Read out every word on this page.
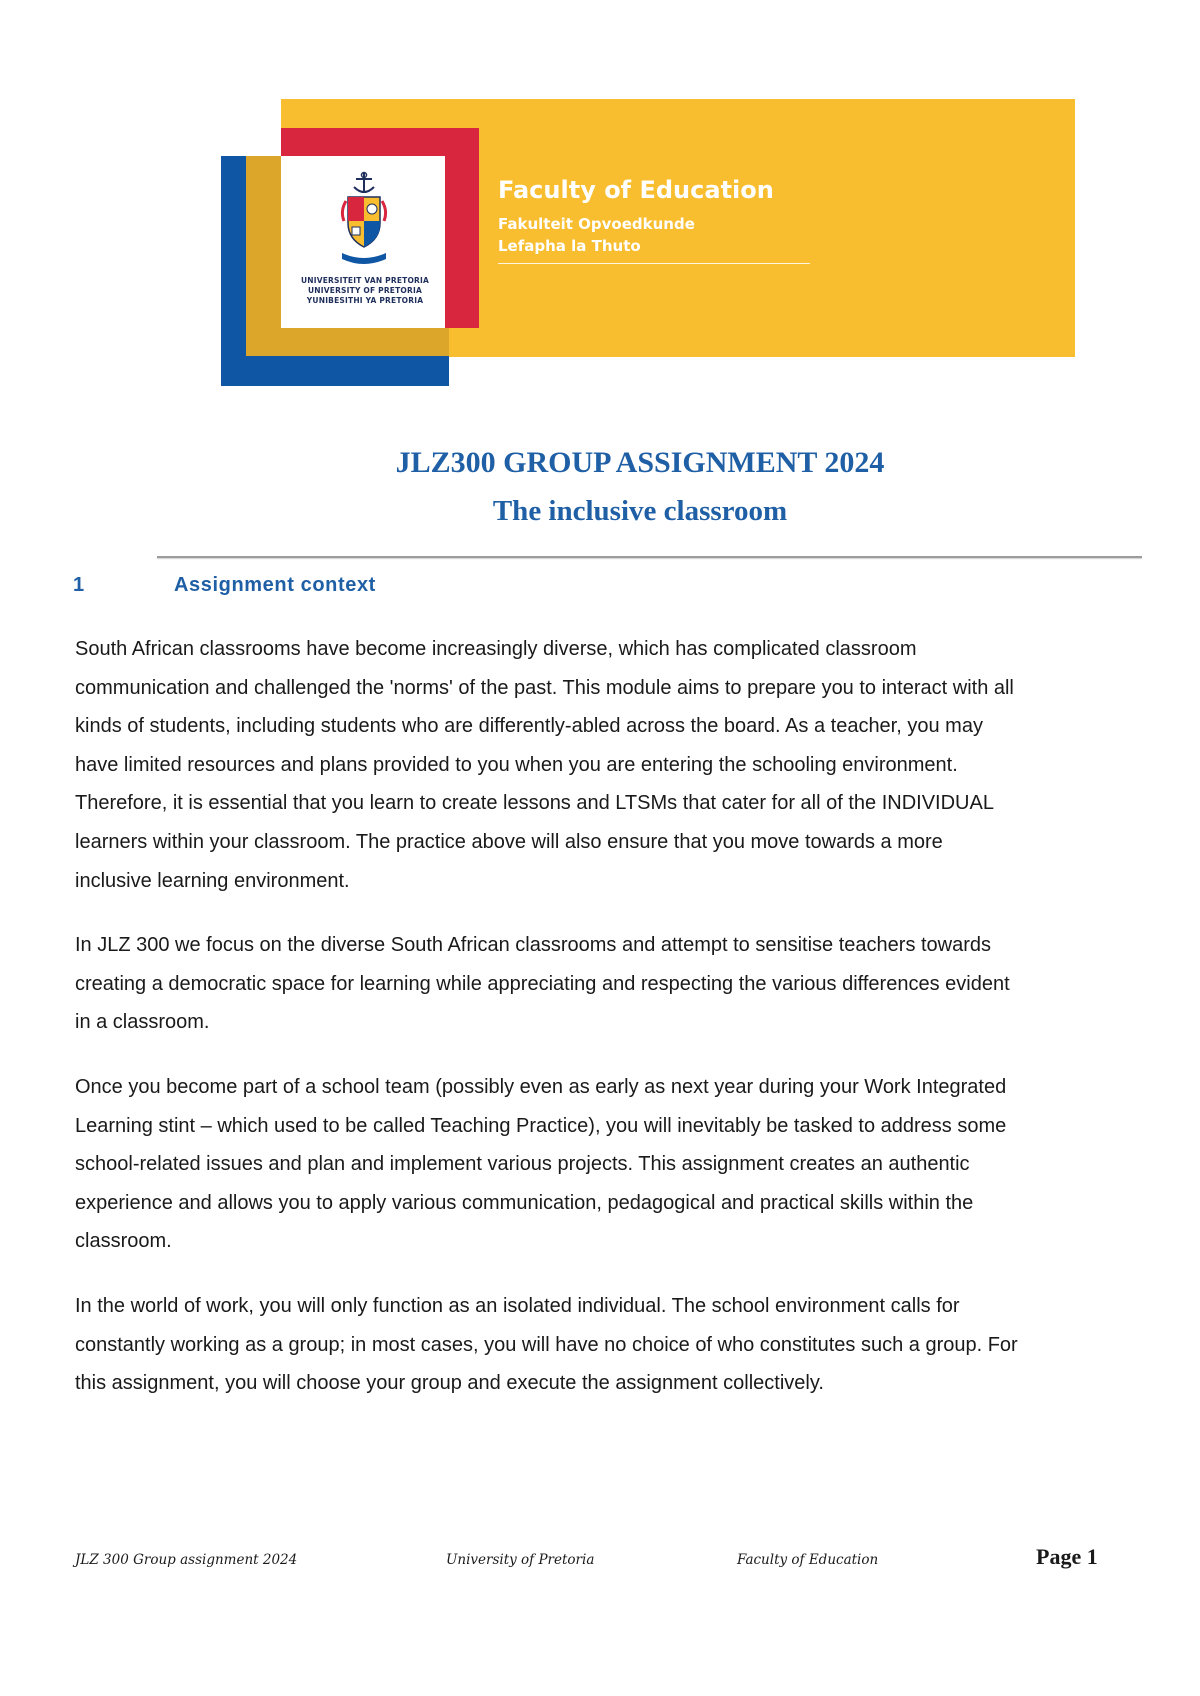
UNIVERSITEIT VAN PRETORIA
UNIVERSITY OF PRETORIA
YUNIBESITHI YA PRETORIA
Faculty of Education
Fakulteit Opvoedkunde
Lefapha la Thuto
JLZ300 GROUP ASSIGNMENT 2024
The inclusive classroom
1	Assignment context

South African classrooms have become increasingly diverse, which has complicated classroom
communication and challenged the 'norms' of the past. This module aims to prepare you to interact with all
kinds of students, including students who are differently-abled across the board. As a teacher, you may
have limited resources and plans provided to you when you are entering the schooling environment.
Therefore, it is essential that you learn to create lessons and LTSMs that cater for all of the INDIVIDUAL
learners within your classroom. The practice above will also ensure that you move towards a more
inclusive learning environment.

In JLZ 300 we focus on the diverse South African classrooms and attempt to sensitise teachers towards
creating a democratic space for learning while appreciating and respecting the various differences evident
in a classroom.

Once you become part of a school team (possibly even as early as next year during your Work Integrated
Learning stint – which used to be called Teaching Practice), you will inevitably be tasked to address some
school-related issues and plan and implement various projects. This assignment creates an authentic
experience and allows you to apply various communication, pedagogical and practical skills within the
classroom.

In the world of work, you will only function as an isolated individual. The school environment calls for
constantly working as a group; in most cases, you will have no choice of who constitutes such a group. For
this assignment, you will choose your group and execute the assignment collectively.

JLZ 300 Group assignment 2024	University of Pretoria	Faculty of Education	Page 1
